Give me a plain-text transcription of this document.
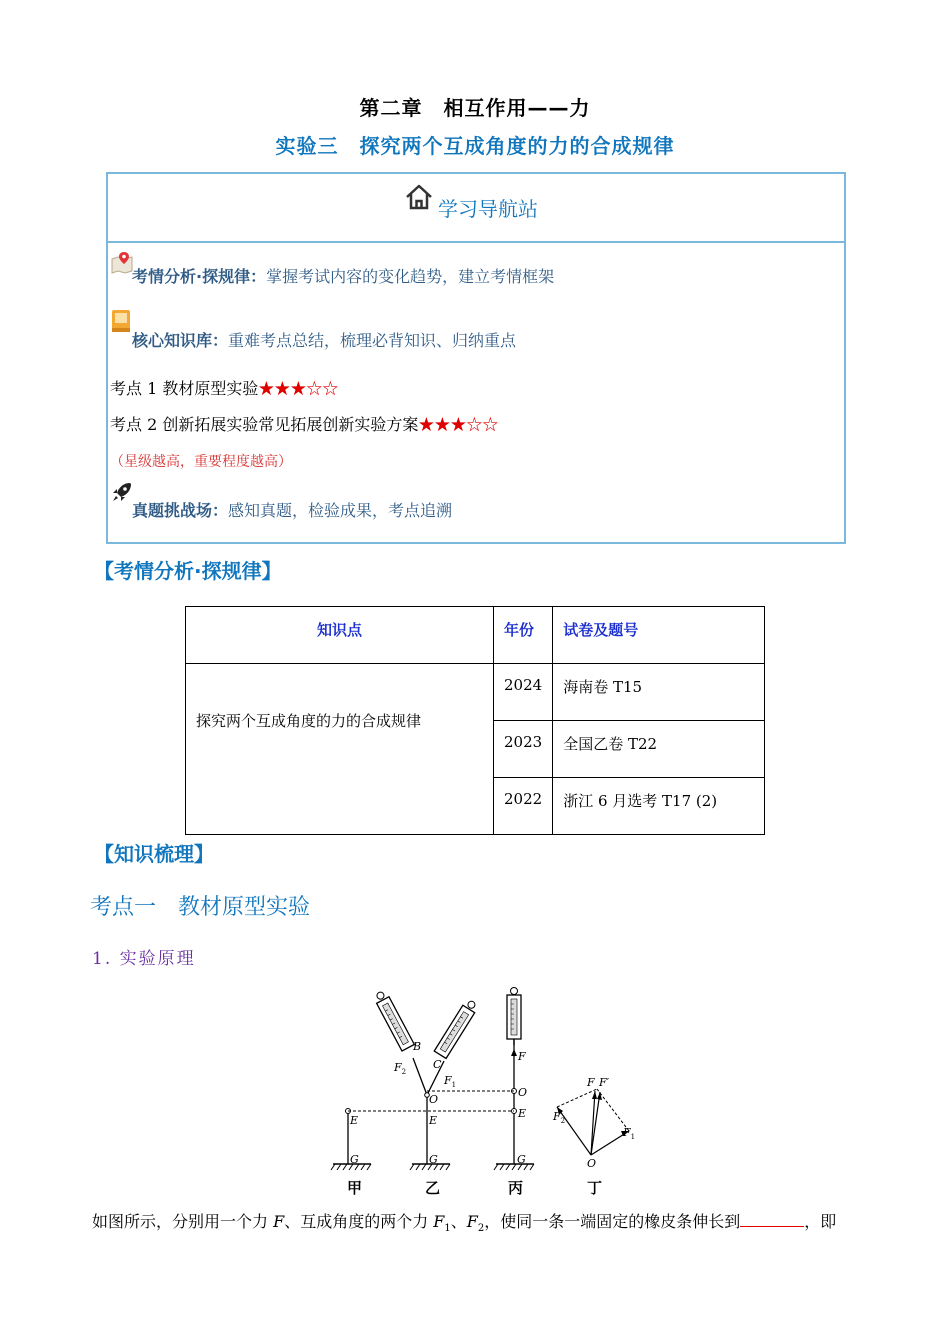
第二章　相互作用——力
实验三　探究两个互成角度的力的合成规律
学习导航站
考情分析·探规律：掌握考试内容的变化趋势，建立考情框架
核心知识库：重难考点总结，梳理必背知识、归纳重点
考点 1 教材原型实验★★★☆☆
考点 2 创新拓展实验常见拓展创新实验方案★★★☆☆
（星级越高，重要程度越高）
真题挑战场：感知真题，检验成果，考点追溯
【考情分析·探规律】
知识点	年份	试卷及题号
探究两个互成角度的力的合成规律	2024	海南卷 T15
	2023	全国乙卷 T22
	2022	浙江 6 月选考 T17 (2)
【知识梳理】
考点一　教材原型实验
1. 实验原理
E
G
E
G
O
B
C
$F_2$
$F_1$
F
O
E
G
F F′
$F_2$
$F_1$
O
甲	乙	丙	丁
如图所示，分别用一个力 F、互成角度的两个力 $F_1$、$F_2$，使同一条一端固定的橡皮条伸长到	，即
